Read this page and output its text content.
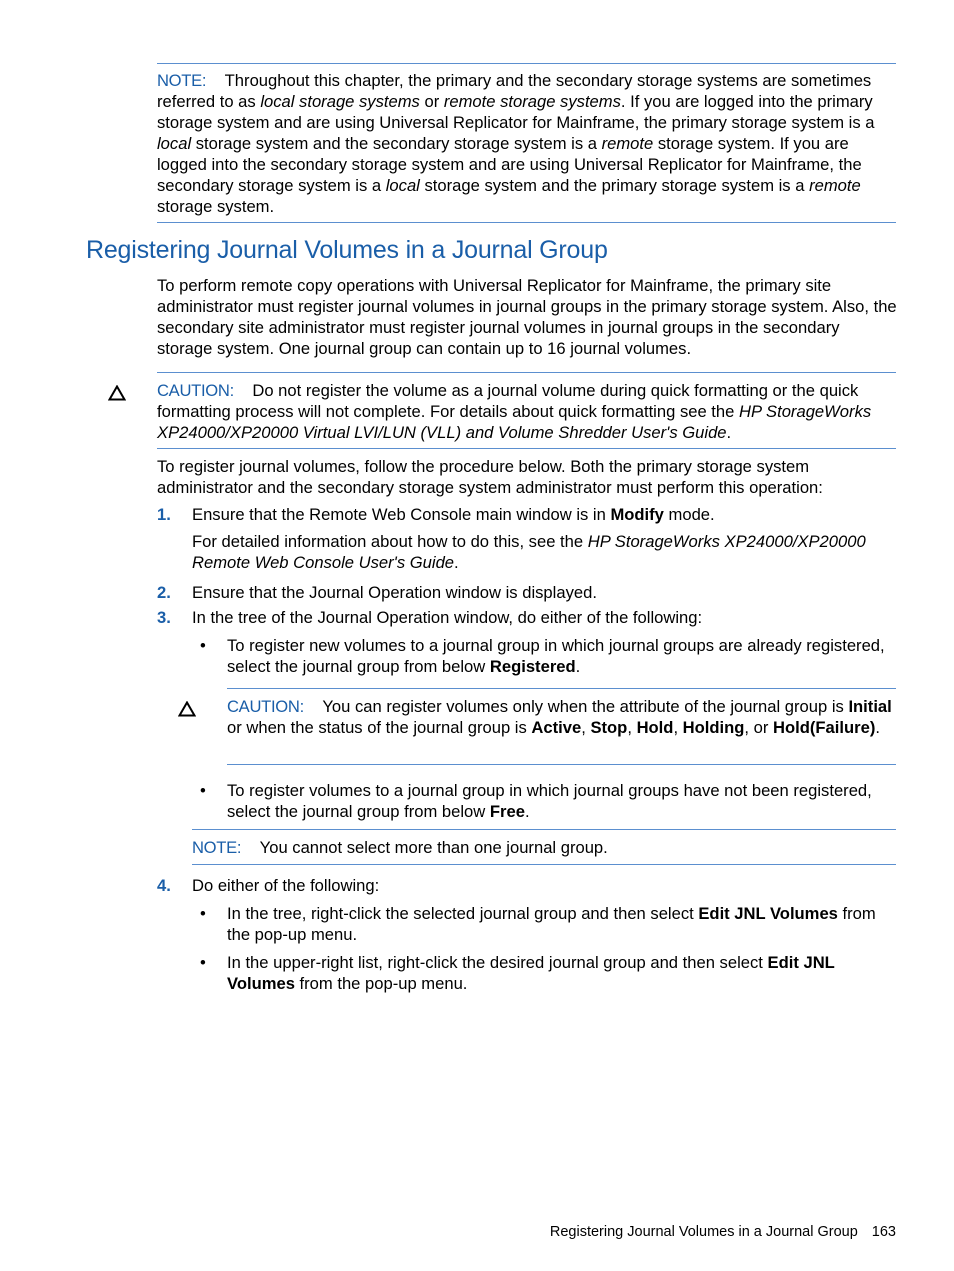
NOTE: Throughout this chapter, the primary and the secondary storage systems are sometimes referred to as local storage systems or remote storage systems. If you are logged into the primary storage system and are using Universal Replicator for Mainframe, the primary storage system is a local storage system and the secondary storage system is a remote storage system. If you are logged into the secondary storage system and are using Universal Replicator for Mainframe, the secondary storage system is a local storage system and the primary storage system is a remote storage system.

Registering Journal Volumes in a Journal Group

To perform remote copy operations with Universal Replicator for Mainframe, the primary site administrator must register journal volumes in journal groups in the primary storage system. Also, the secondary site administrator must register journal volumes in journal groups in the secondary storage system. One journal group can contain up to 16 journal volumes.

CAUTION: Do not register the volume as a journal volume during quick formatting or the quick formatting process will not complete. For details about quick formatting see the HP StorageWorks XP24000/XP20000 Virtual LVI/LUN (VLL) and Volume Shredder User's Guide.

To register journal volumes, follow the procedure below. Both the primary storage system administrator and the secondary storage system administrator must perform this operation:

1. Ensure that the Remote Web Console main window is in Modify mode.
For detailed information about how to do this, see the HP StorageWorks XP24000/XP20000 Remote Web Console User's Guide.
2. Ensure that the Journal Operation window is displayed.
3. In the tree of the Journal Operation window, do either of the following:
• To register new volumes to a journal group in which journal groups are already registered, select the journal group from below Registered.
CAUTION: You can register volumes only when the attribute of the journal group is Initial or when the status of the journal group is Active, Stop, Hold, Holding, or Hold(Failure).
• To register volumes to a journal group in which journal groups have not been registered, select the journal group from below Free.
NOTE: You cannot select more than one journal group.
4. Do either of the following:
• In the tree, right-click the selected journal group and then select Edit JNL Volumes from the pop-up menu.
• In the upper-right list, right-click the desired journal group and then select Edit JNL Volumes from the pop-up menu.
Registering Journal Volumes in a Journal Group 163
